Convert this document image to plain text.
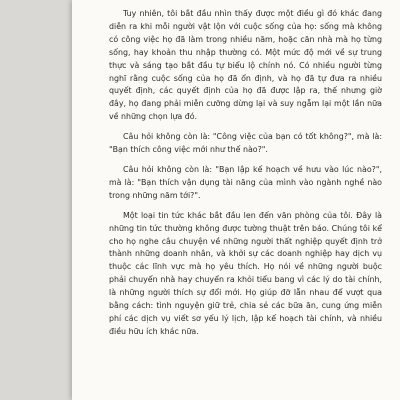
Tuy nhiên, tôi bắt đầu nhìn thấy được một điều gì đó khác đang diễn ra khi mỗi người vật lộn với cuộc sống của họ: sống mà không có công việc họ đã làm trong nhiều năm, hoặc căn nhà mà họ từng sống, hay khoản thu nhập thường có. Một mức độ mới về sự trung thực và sáng tạo bắt đầu tự biểu lộ chính nó. Có nhiều người từng nghĩ rằng cuộc sống của họ đã ổn định, và họ đã tự đưa ra nhiều quyết định, các quyết định của họ đã được lập ra, thế nhưng giờ đây, họ đang phải miễn cưỡng dừng lại và suy ngẫm lại một lần nữa về những chọn lựa đó.

Câu hỏi không còn là: "Công việc của bạn có tốt không?", mà là: "Bạn thích công việc mới như thế nào?".

Câu hỏi không còn là: "Bạn lập kế hoạch về hưu vào lúc nào?", mà là: "Bạn thích vận dụng tài năng của mình vào ngành nghề nào trong những năm tới?".

Một loại tin tức khác bắt đầu len đến văn phòng của tôi. Đây là những tin tức thường không được tường thuật trên báo. Chúng tôi kể cho họ nghe câu chuyện về những người thất nghiệp quyết định trở thành những doanh nhân, và khởi sự các doanh nghiệp hay dịch vụ thuộc các lĩnh vực mà họ yêu thích. Họ nói về những người buộc phải chuyển nhà hay chuyển ra khỏi tiểu bang vì các lý do tài chính, là những người thích sự đổi mới. Họ giúp đỡ lẫn nhau để vượt qua bằng cách: tình nguyện giữ trẻ, chia sẻ các bữa ăn, cung ứng miễn phí các dịch vụ viết sơ yếu lý lịch, lập kế hoạch tài chính, và nhiều điều hữu ích khác nữa.
